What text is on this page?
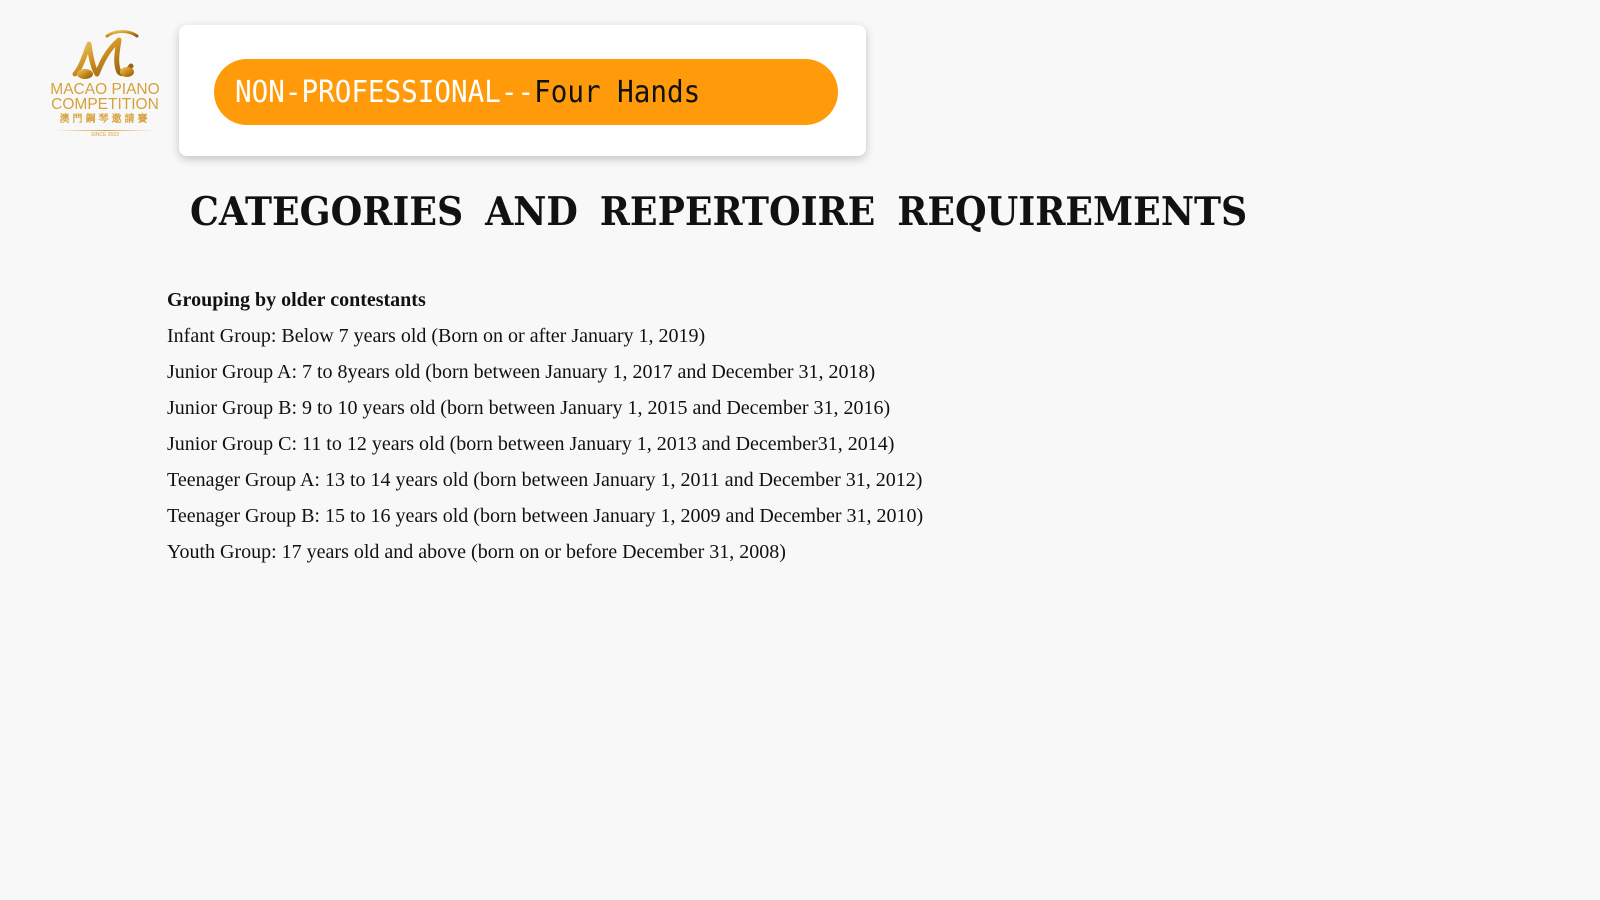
MACAO PIANO
COMPETITION
澳門鋼琴邀請賽
SINCE 2023
NON-PROFESSIONAL--Four Hands
CATEGORIES AND REPERTOIRE REQUIREMENTS
Grouping by older contestants
Infant Group: Below 7 years old (Born on or after January 1, 2019)
Junior Group A: 7 to 8years old (born between January 1, 2017 and December 31, 2018)
Junior Group B: 9 to 10 years old (born between January 1, 2015 and December 31, 2016)
Junior Group C: 11 to 12 years old (born between January 1, 2013 and December31, 2014)
Teenager Group A: 13 to 14 years old (born between January 1, 2011 and December 31, 2012)
Teenager Group B: 15 to 16 years old (born between January 1, 2009 and December 31, 2010)
Youth Group: 17 years old and above (born on or before December 31, 2008)
